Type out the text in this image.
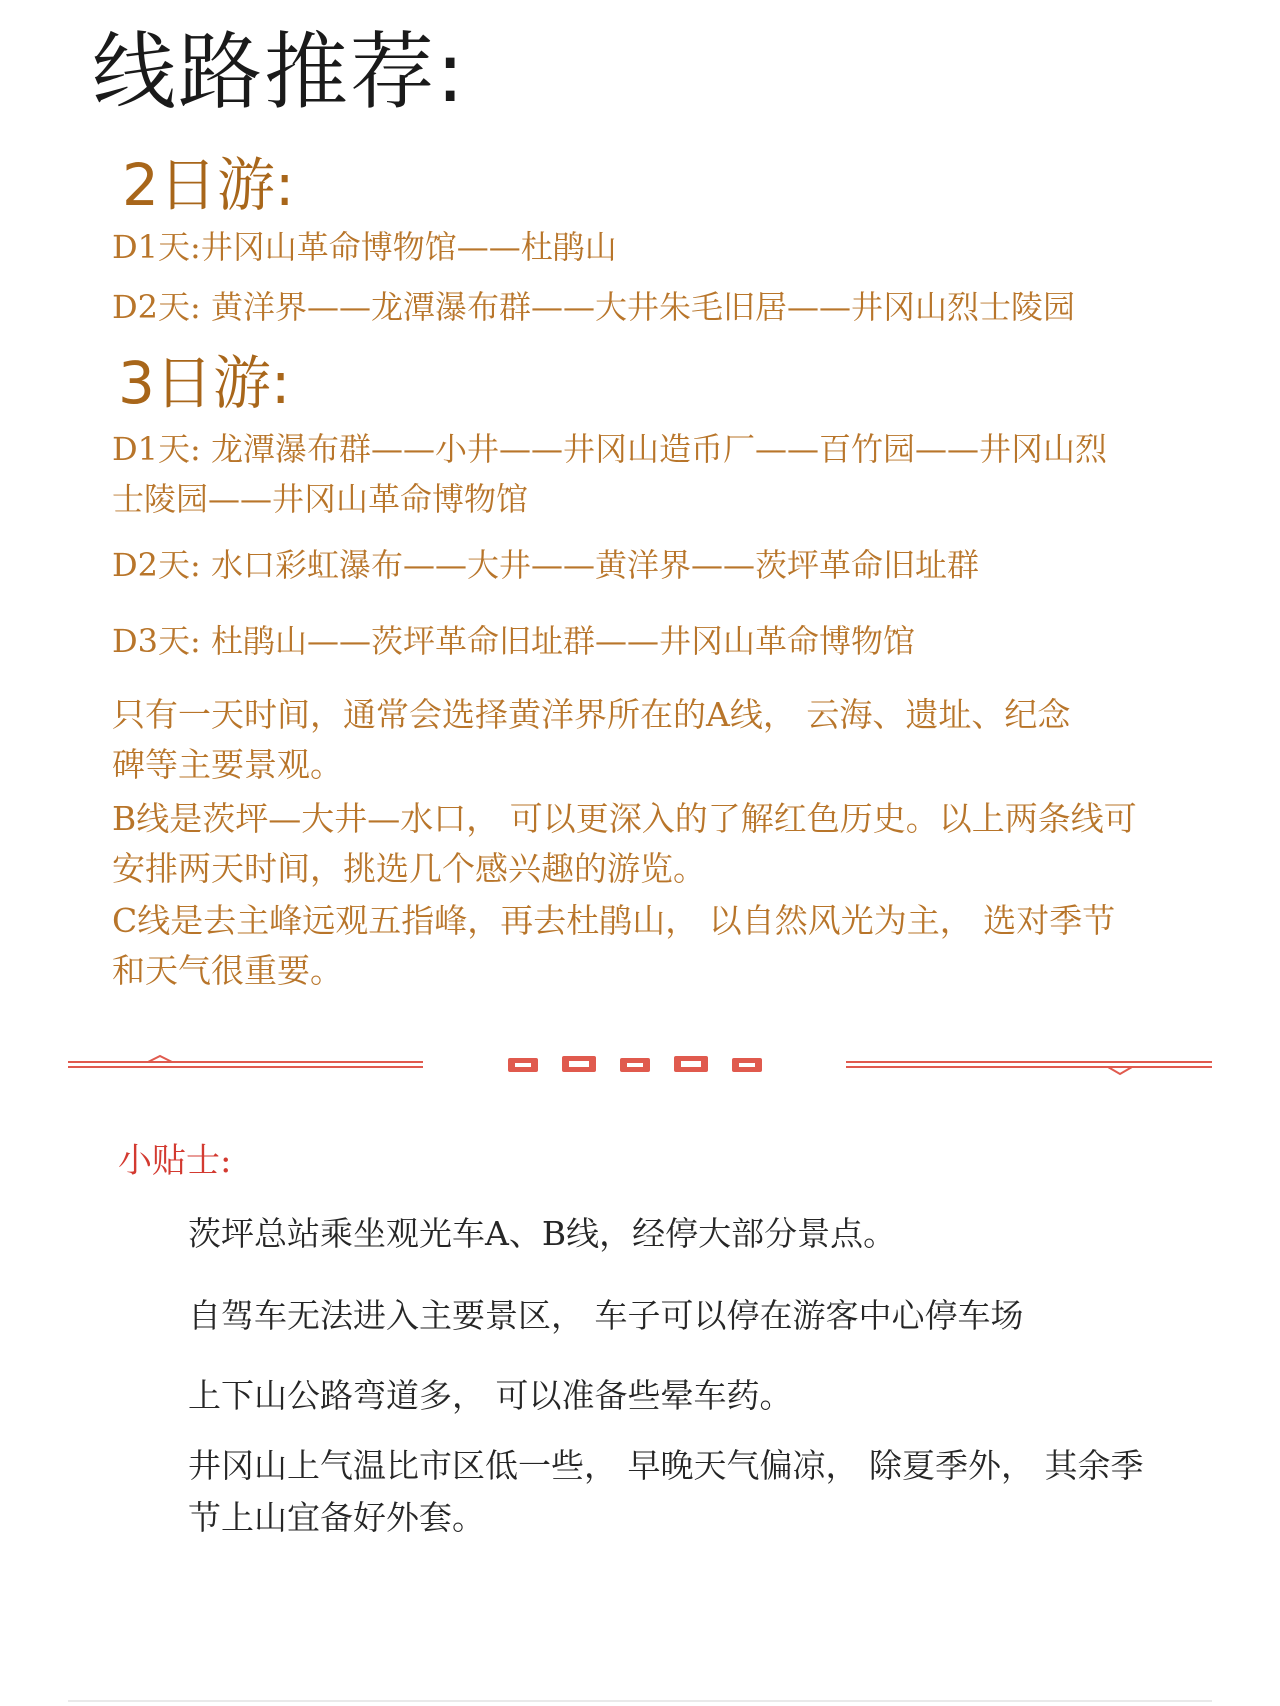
线路推荐:
2日游:
D1天:井冈山革命博物馆——杜鹃山
D2天: 黄洋界——龙潭瀑布群——大井朱毛旧居——井冈山烈士陵园
3日游:
D1天: 龙潭瀑布群——小井——井冈山造币厂——百竹园——井冈山烈
士陵园——井冈山革命博物馆
D2天: 水口彩虹瀑布——大井——黄洋界——茨坪革命旧址群
D3天: 杜鹃山——茨坪革命旧址群——井冈山革命博物馆
只有一天时间，通常会选择黄洋界所在的A线， 云海、遗址、纪念
碑等主要景观。
B线是茨坪—大井—水口， 可以更深入的了解红色历史。以上两条线可
安排两天时间，挑选几个感兴趣的游览。
C线是去主峰远观五指峰，再去杜鹃山， 以自然风光为主， 选对季节
和天气很重要。
小贴士:
茨坪总站乘坐观光车A、B线，经停大部分景点。
自驾车无法进入主要景区， 车子可以停在游客中心停车场
上下山公路弯道多， 可以准备些晕车药。
井冈山上气温比市区低一些， 早晚天气偏凉， 除夏季外， 其余季
节上山宜备好外套。
